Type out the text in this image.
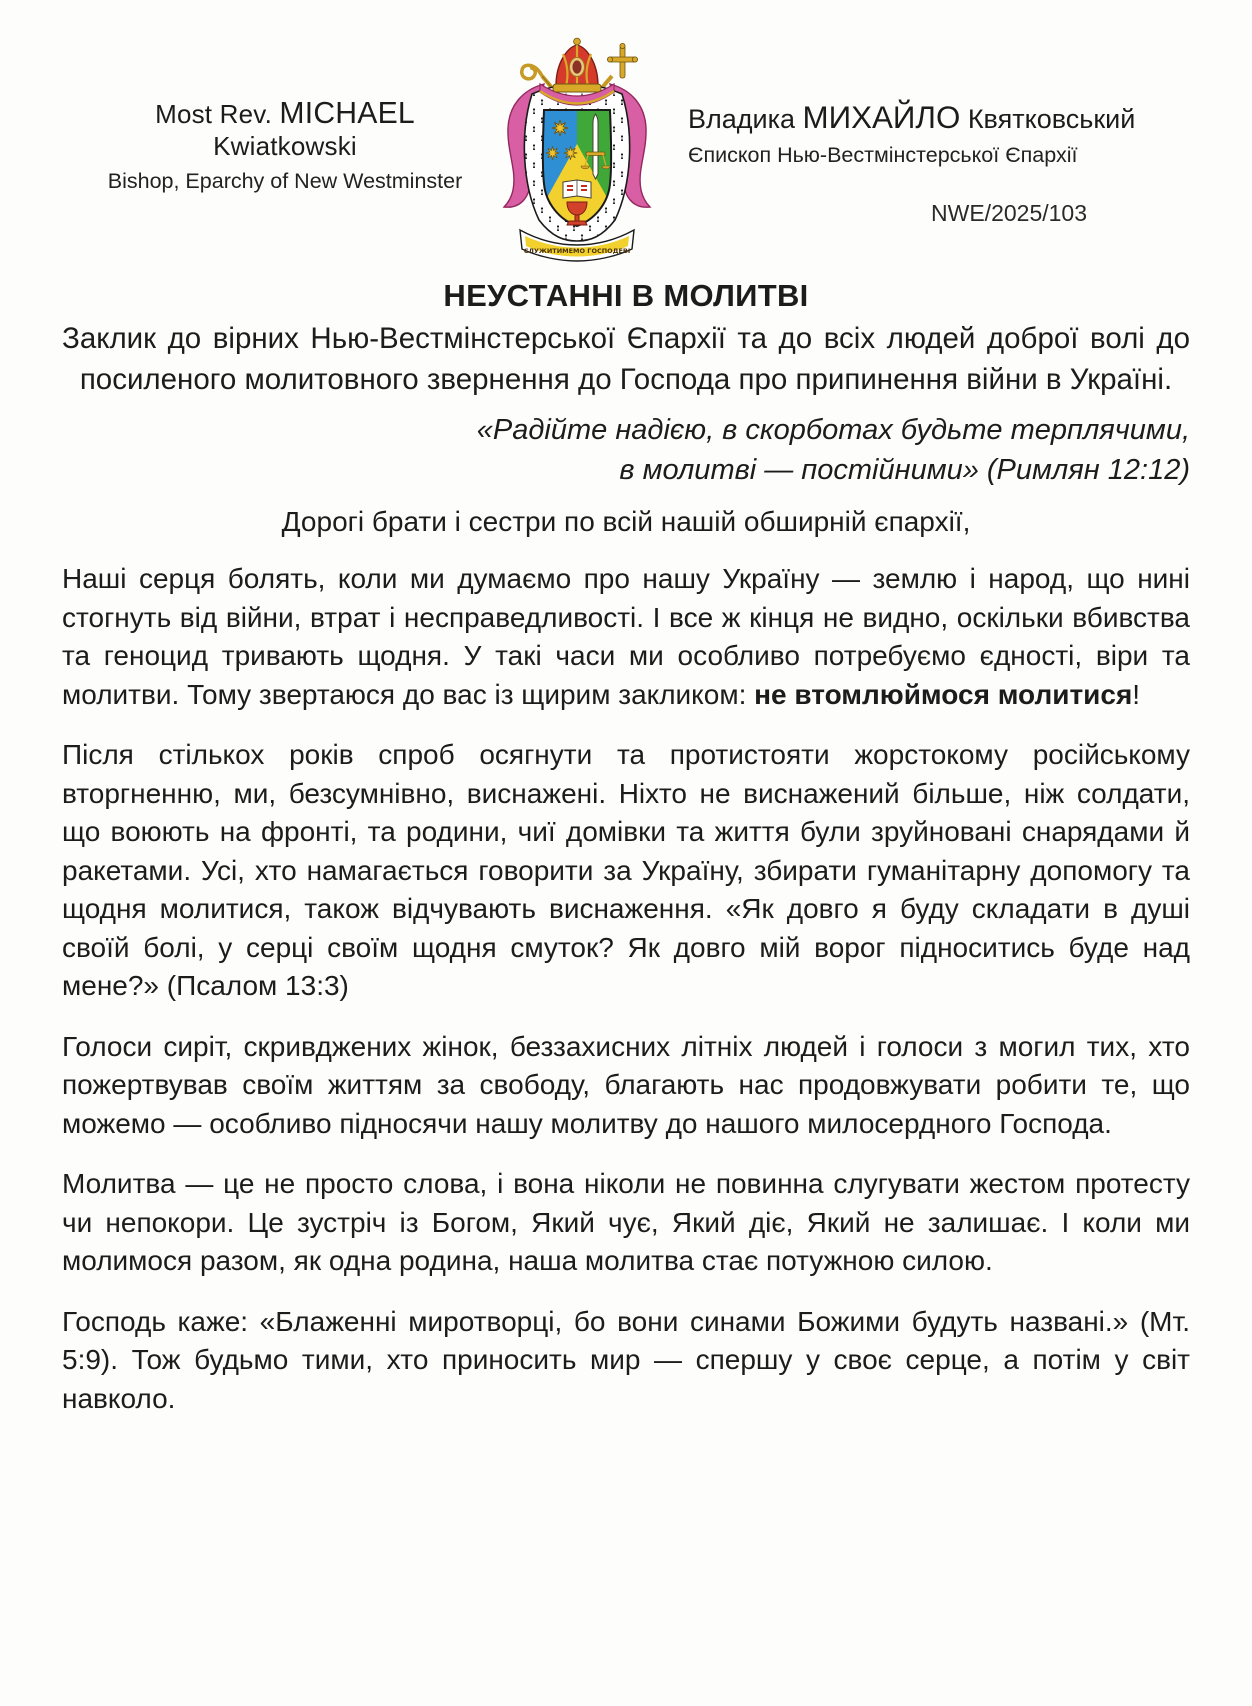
Most Rev. MICHAEL Kwiatkowski
Bishop, Eparchy of New Westminster
СЛУЖИТИМЕМО ГОСПОДЕВІ
Владика МИХАЙЛО Квятковський
Єпископ Нью-Вестмінстерської Єпархії
NWE/2025/103
НЕУСТАННІ В МОЛИТВІ

Заклик до вірних Нью-Вестмінстерської Єпархії та до всіх людей доброї волі до посиленого молитовного звернення до Господа про припинення війни в Україні.

«Радійте надією, в скорботах будьте терплячими,
в молитві — постійними» (Римлян 12:12)

Дорогі брати і сестри по всій нашій обширній єпархії,

Наші серця болять, коли ми думаємо про нашу Україну — землю і народ, що нині стогнуть від війни, втрат і несправедливості. І все ж кінця не видно, оскільки вбивства та геноцид тривають щодня. У такі часи ми особливо потребуємо єдності, віри та молитви. Тому звертаюся до вас із щирим закликом: не втомлюймося молитися!

Після стількох років спроб осягнути та протистояти жорстокому російському вторгненню, ми, безсумнівно, виснажені. Ніхто не виснажений більше, ніж солдати, що воюють на фронті, та родини, чиї домівки та життя були зруйновані снарядами й ракетами. Усі, хто намагається говорити за Україну, збирати гуманітарну допомогу та щодня молитися, також відчувають виснаження. «Як довго я буду складати в душі своїй болі, у серці своїм щодня смуток? Як довго мій ворог підноситись буде над мене?» (Псалом 13:3)

Голоси сиріт, скривджених жінок, беззахисних літніх людей і голоси з могил тих, хто пожертвував своїм життям за свободу, благають нас продовжувати робити те, що можемо — особливо підносячи нашу молитву до нашого милосердного Господа.

Молитва — це не просто слова, і вона ніколи не повинна слугувати жестом протесту чи непокори. Це зустріч із Богом, Який чує, Який діє, Який не залишає. І коли ми молимося разом, як одна родина, наша молитва стає потужною силою.

Господь каже: «Блаженні миротворці, бо вони синами Божими будуть названі.» (Мт. 5:9). Тож будьмо тими, хто приносить мир — спершу у своє серце, а потім у світ навколо.
